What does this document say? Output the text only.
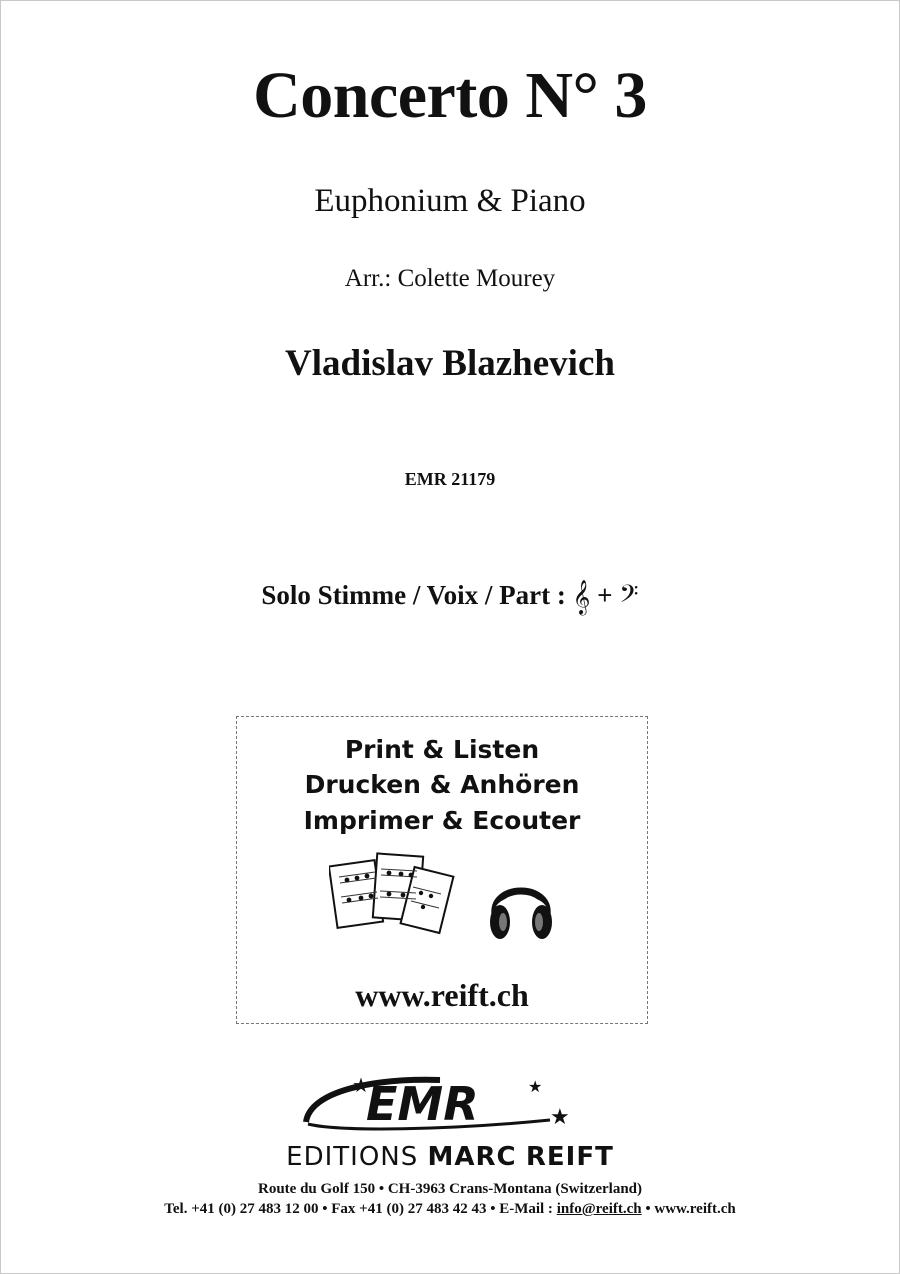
Concerto N° 3
Euphonium & Piano
Arr.: Colette Mourey
Vladislav Blazhevich
EMR 21179
Solo Stimme / Voix / Part : 𝄞 + 𝄢
Print & Listen
Drucken & Anhören
Imprimer & Ecouter
www.reift.ch
EMR
★	★
★
EDITIONS MARC REIFT
Route du Golf 150 • CH-3963 Crans-Montana (Switzerland)
Tel. +41 (0) 27 483 12 00 • Fax +41 (0) 27 483 42 43 • E-Mail : info@reift.ch • www.reift.ch
